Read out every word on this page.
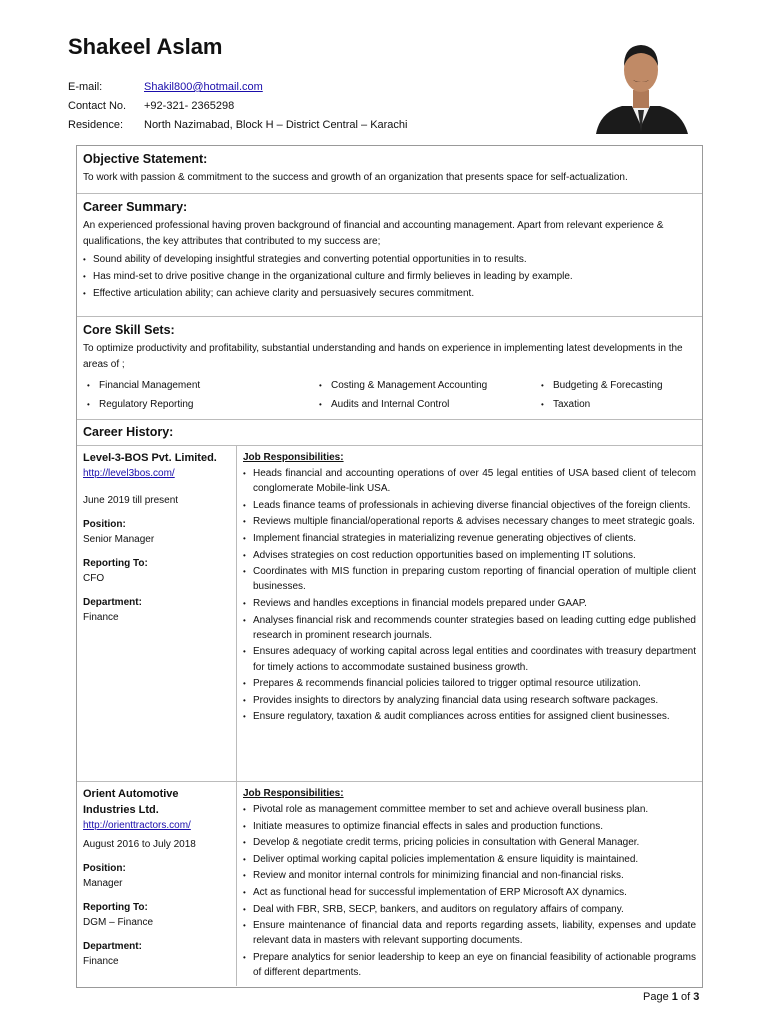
Shakeel Aslam
E-mail:	Shakil800@hotmail.com
Contact No.	+92-321- 2365298
Residence:	North Nazimabad, Block H – District Central – Karachi
Objective Statement:

To work with passion & commitment to the success and growth of an organization that presents space for self-actualization.

Career Summary:

An experienced professional having proven background of financial and accounting management. Apart from relevant experience & qualifications, the key attributes that contributed to my success are;

• Sound ability of developing insightful strategies and converting potential opportunities in to results.
• Has mind-set to drive positive change in the organizational culture and firmly believes in leading by example.
• Effective articulation ability; can achieve clarity and persuasively secures commitment.
Core Skill Sets:

To optimize productivity and profitability, substantial understanding and hands on experience in implementing latest developments in the areas of ;

• Financial Management	• Costing & Management Accounting	• Budgeting & Forecasting
• Regulatory Reporting	• Audits and Internal Control	• Taxation
Career History:
Level-3-BOS Pvt. Limited.
http://level3bos.com/
June 2019 till present
Position:
Senior Manager
Reporting To:
CFO
Department:
Finance
Job Responsibilities:
• Heads financial and accounting operations of over 45 legal entities of USA based client of telecom conglomerate Mobile-link USA.
• Leads finance teams of professionals in achieving diverse financial objectives of the foreign clients.
• Reviews multiple financial/operational reports & advises necessary changes to meet strategic goals.
• Implement financial strategies in materializing revenue generating objectives of clients.
• Advises strategies on cost reduction opportunities based on implementing IT solutions.
• Coordinates with MIS function in preparing custom reporting of financial operation of multiple client businesses.
• Reviews and handles exceptions in financial models prepared under GAAP.
• Analyses financial risk and recommends counter strategies based on leading cutting edge published research in prominent research journals.
• Ensures adequacy of working capital across legal entities and coordinates with treasury department for timely actions to accommodate sustained business growth.
• Prepares & recommends financial policies tailored to trigger optimal resource utilization.
• Provides insights to directors by analyzing financial data using research software packages.
• Ensure regulatory, taxation & audit compliances across entities for assigned client businesses.
Orient Automotive Industries Ltd.
http://orienttractors.com/
August 2016 to July 2018
Position:
Manager
Reporting To:
DGM – Finance
Department:
Finance
Job Responsibilities:
• Pivotal role as management committee member to set and achieve overall business plan.
• Initiate measures to optimize financial effects in sales and production functions.
• Develop & negotiate credit terms, pricing policies in consultation with General Manager.
• Deliver optimal working capital policies implementation & ensure liquidity is maintained.
• Review and monitor internal controls for minimizing financial and non-financial risks.
• Act as functional head for successful implementation of ERP Microsoft AX dynamics.
• Deal with FBR, SRB, SECP, bankers, and auditors on regulatory affairs of company.
• Ensure maintenance of financial data and reports regarding assets, liability, expenses and update relevant data in masters with relevant supporting documents.
• Prepare analytics for senior leadership to keep an eye on financial feasibility of actionable programs of different departments.
Page 1 of 3
